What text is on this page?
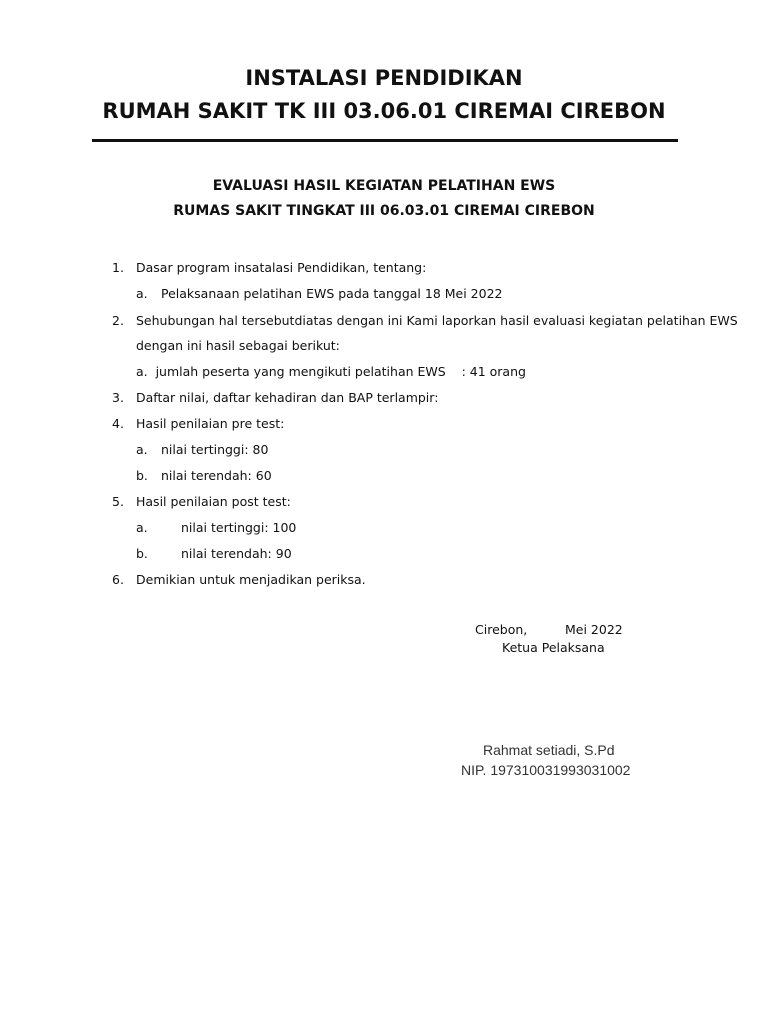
INSTALASI PENDIDIKAN
RUMAH SAKIT TK III 03.06.01 CIREMAI CIREBON
EVALUASI HASIL KEGIATAN PELATIHAN EWS
RUMAS SAKIT TINGKAT III 06.03.01 CIREMAI CIREBON
1. Dasar program insatalasi Pendidikan, tentang:
a. Pelaksanaan pelatihan EWS pada tanggal 18 Mei 2022
2. Sehubungan hal tersebutdiatas dengan ini Kami laporkan hasil evaluasi kegiatan pelatihan EWS
dengan ini hasil sebagai berikut:
a.  jumlah peserta yang mengikuti pelatihan EWS    : 41 orang
3. Daftar nilai, daftar kehadiran dan BAP terlampir:
4. Hasil penilaian pre test:
a. nilai tertinggi: 80
b. nilai terendah: 60
5. Hasil penilaian post test:
a.	nilai tertinggi: 100
b.	nilai terendah: 90
6. Demikian untuk menjadikan periksa.
Cirebon,	Mei 2022
Ketua Pelaksana
Rahmat setiadi, S.Pd
NIP. 197310031993031002
